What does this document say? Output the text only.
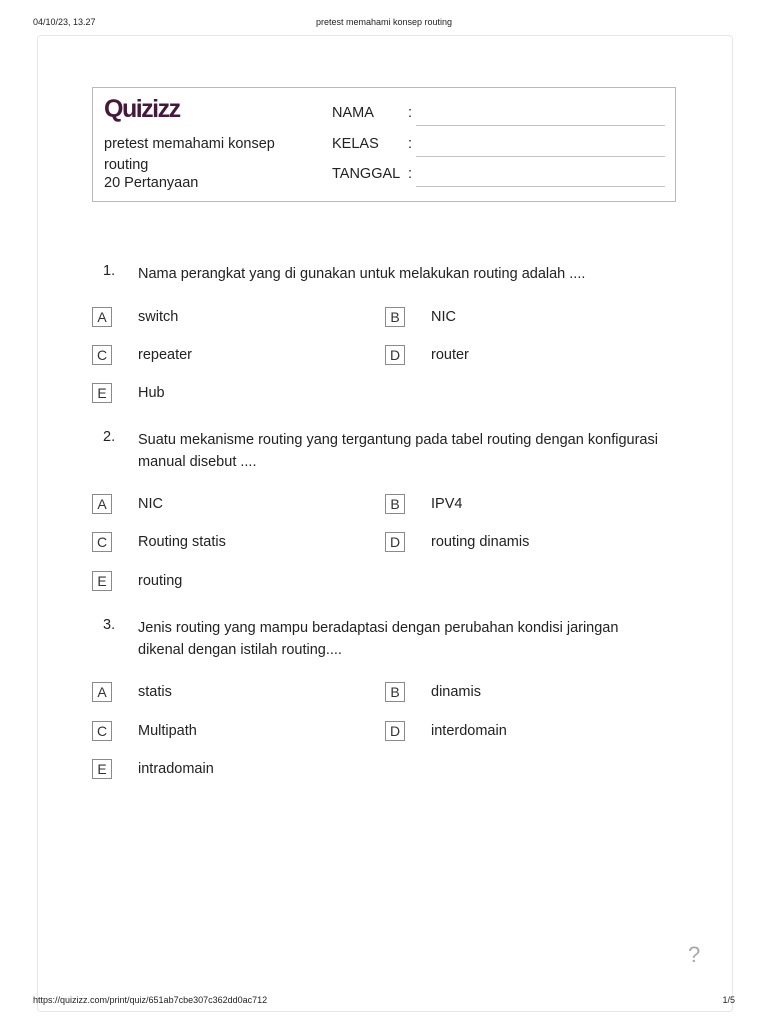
04/10/23, 13.27	pretest memahami konsep routing
Quizizz
pretest memahami konsep routing
20 Pertanyaan
NAMA :
KELAS :
TANGGAL :
1. Nama perangkat yang di gunakan untuk melakukan routing adalah ....
A	switch	B	NIC
C	repeater	D	router
E	Hub
2. Suatu mekanisme routing yang tergantung pada tabel routing dengan konfigurasi manual disebut ....
A	NIC	B	IPV4
C	Routing statis	D	routing dinamis
E	routing
3. Jenis routing yang mampu beradaptasi dengan perubahan kondisi jaringan dikenal dengan istilah routing....
A	statis	B	dinamis
C	Multipath	D	interdomain
E	intradomain
?
https://quizizz.com/print/quiz/651ab7cbe307c362dd0ac712	1/5
